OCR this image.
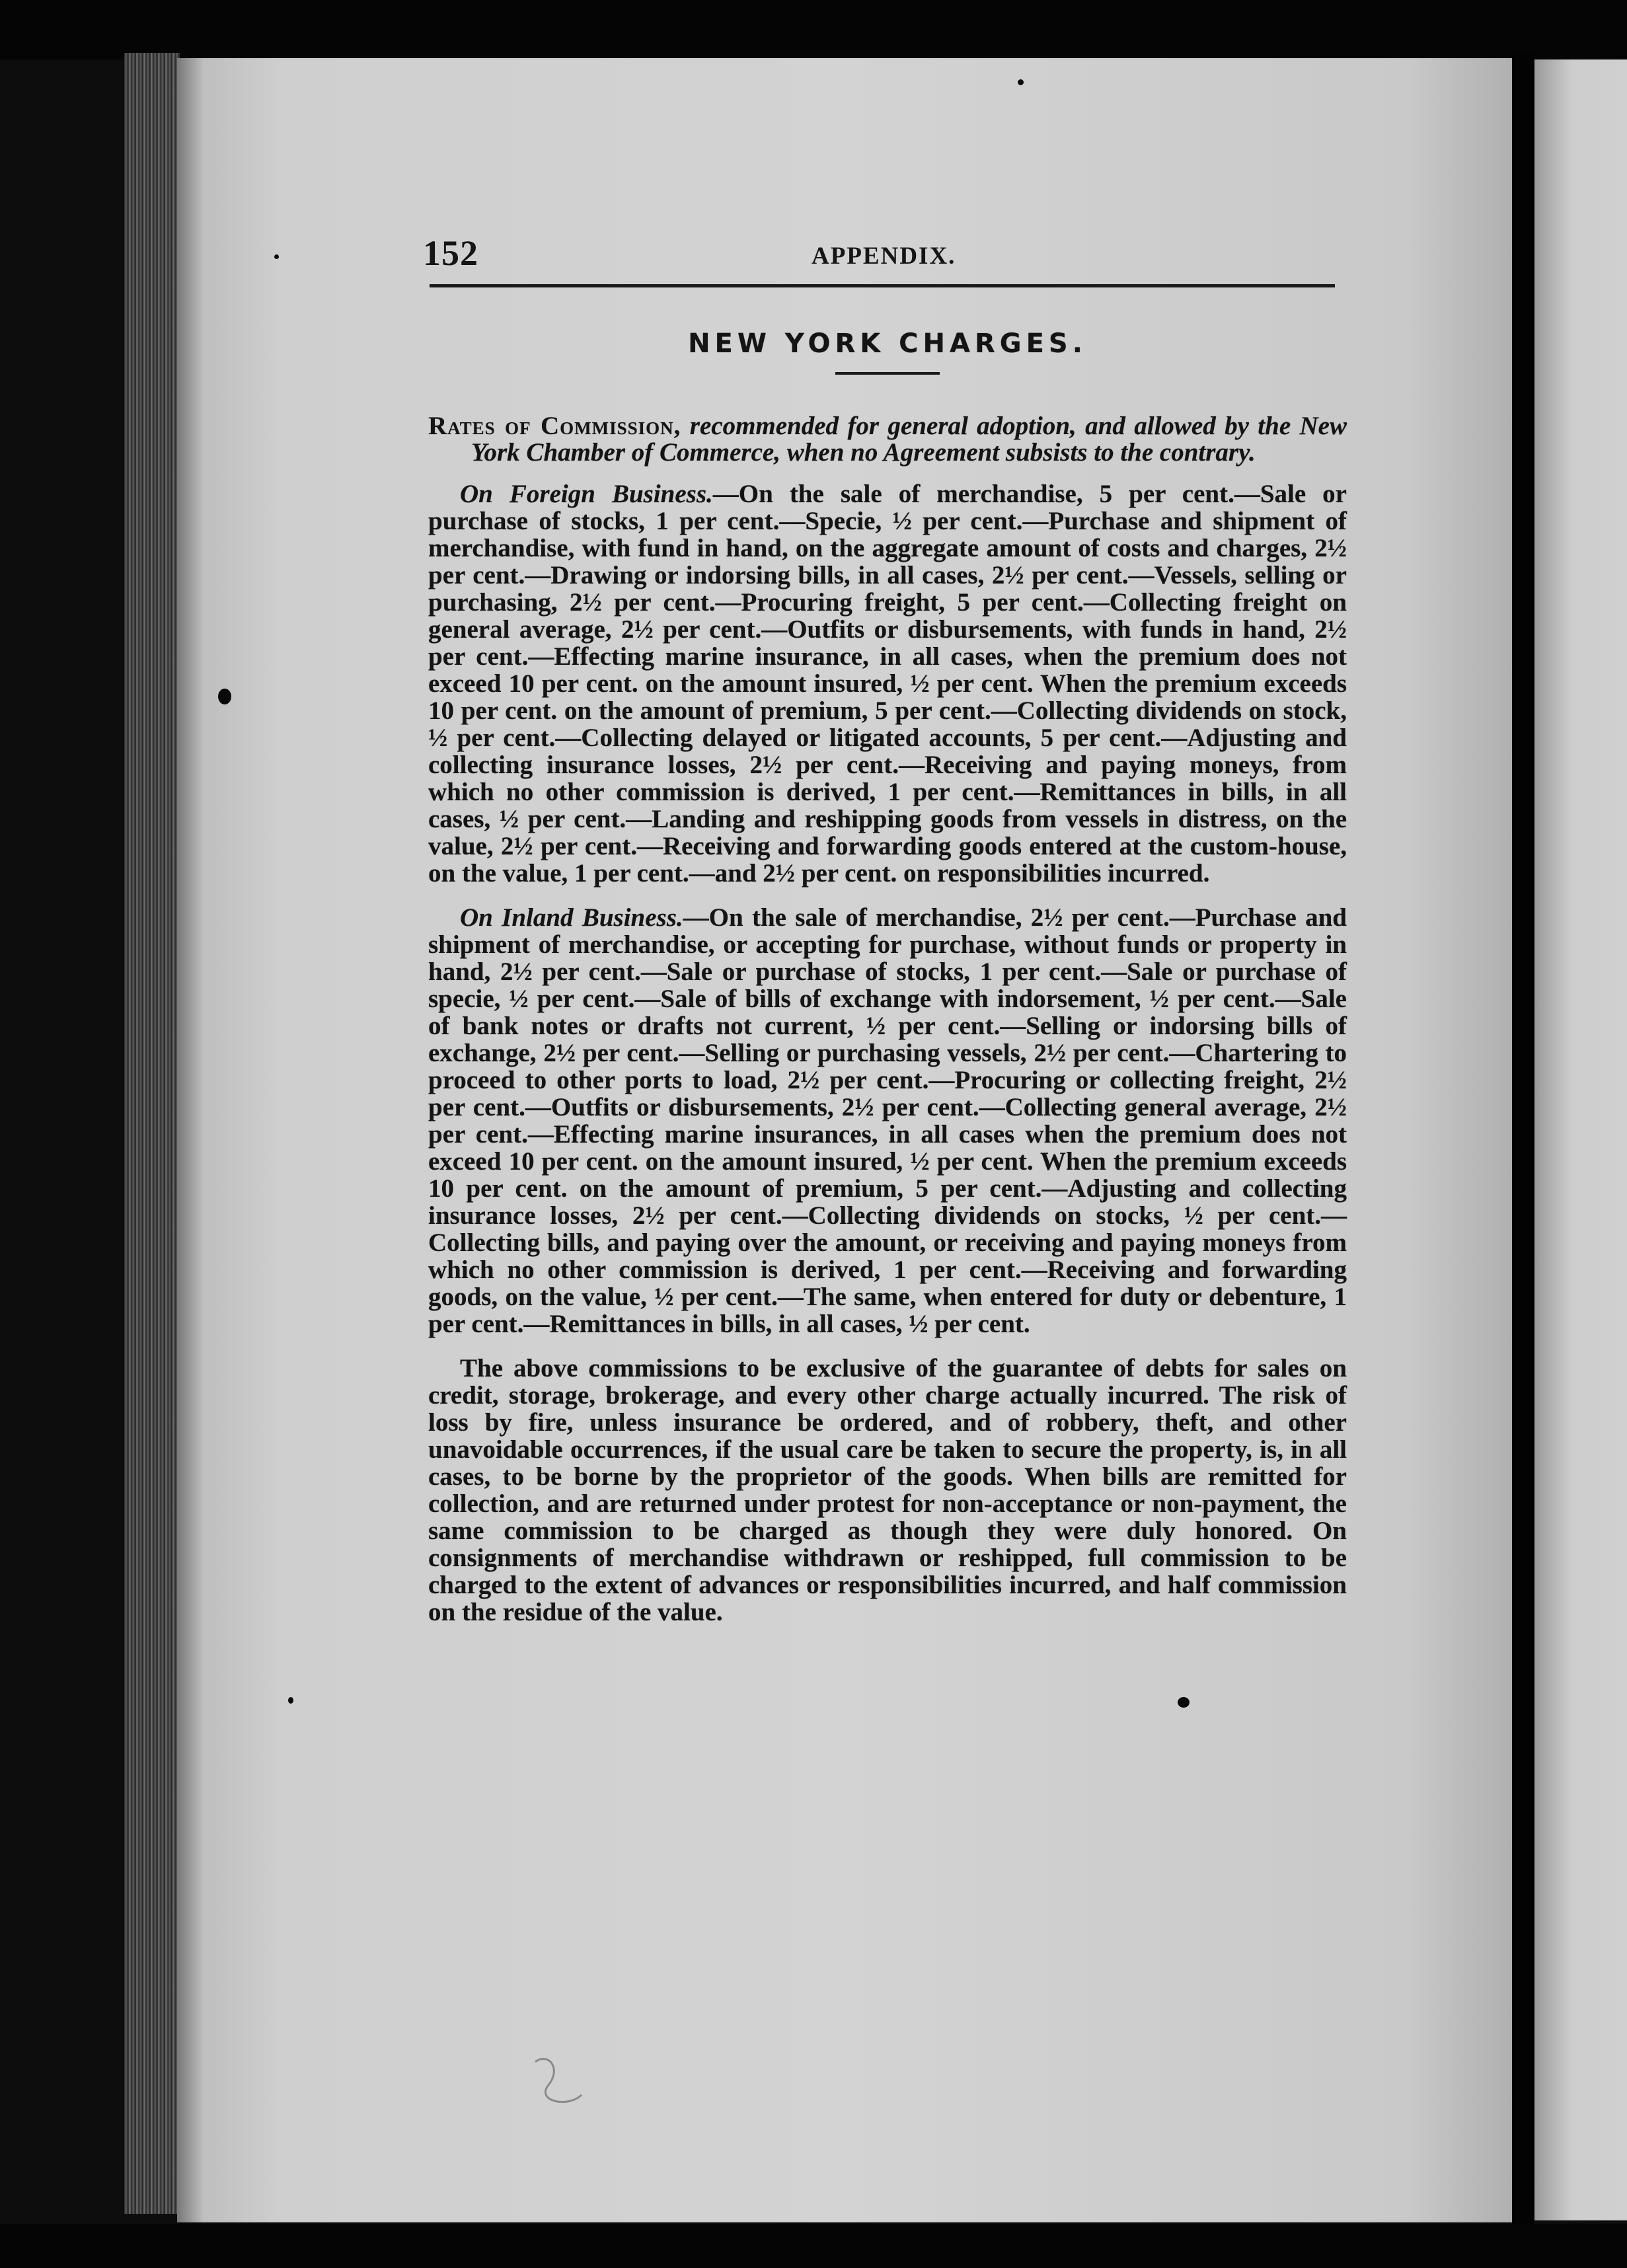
152	APPENDIX.
NEW YORK CHARGES.

Rates of Commission, recommended for general adoption, and allowed by the New York Chamber of Commerce, when no Agreement subsists to the contrary.

On Foreign Business.—On the sale of merchandise, 5 per cent.—Sale or purchase of stocks, 1 per cent.—Specie, ½ per cent.—Purchase and shipment of merchandise, with fund in hand, on the aggregate amount of costs and charges, 2½ per cent.—Drawing or indorsing bills, in all cases, 2½ per cent.—Vessels, selling or purchasing, 2½ per cent.—Procuring freight, 5 per cent.—Collecting freight on general average, 2½ per cent.—Outfits or disbursements, with funds in hand, 2½ per cent.—Effecting marine insurance, in all cases, when the premium does not exceed 10 per cent. on the amount insured, ½ per cent. When the premium exceeds 10 per cent. on the amount of premium, 5 per cent.—Collecting dividends on stock, ½ per cent.—Collecting delayed or litigated accounts, 5 per cent.—Adjusting and collecting insurance losses, 2½ per cent.—Receiving and paying moneys, from which no other commission is derived, 1 per cent.—Remittances in bills, in all cases, ½ per cent.—Landing and reshipping goods from vessels in distress, on the value, 2½ per cent.—Receiving and forwarding goods entered at the custom-house, on the value, 1 per cent.—and 2½ per cent. on responsibilities incurred.

On Inland Business.—On the sale of merchandise, 2½ per cent.—Purchase and shipment of merchandise, or accepting for purchase, without funds or property in hand, 2½ per cent.—Sale or purchase of stocks, 1 per cent.—Sale or purchase of specie, ½ per cent.—Sale of bills of exchange with indorsement, ½ per cent.—Sale of bank notes or drafts not current, ½ per cent.—Selling or indorsing bills of exchange, 2½ per cent.—Selling or purchasing vessels, 2½ per cent.—Chartering to proceed to other ports to load, 2½ per cent.—Procuring or collecting freight, 2½ per cent.—Outfits or disbursements, 2½ per cent.—Collecting general average, 2½ per cent.—Effecting marine insurances, in all cases when the premium does not exceed 10 per cent. on the amount insured, ½ per cent. When the premium exceeds 10 per cent. on the amount of premium, 5 per cent.—Adjusting and collecting insurance losses, 2½ per cent.—Collecting dividends on stocks, ½ per cent.—Collecting bills, and paying over the amount, or receiving and paying moneys from which no other commission is derived, 1 per cent.—Receiving and forwarding goods, on the value, ½ per cent.—The same, when entered for duty or debenture, 1 per cent.—Remittances in bills, in all cases, ½ per cent.

The above commissions to be exclusive of the guarantee of debts for sales on credit, storage, brokerage, and every other charge actually incurred. The risk of loss by fire, unless insurance be ordered, and of robbery, theft, and other unavoidable occurrences, if the usual care be taken to secure the property, is, in all cases, to be borne by the proprietor of the goods. When bills are remitted for collection, and are returned under protest for non-acceptance or non-payment, the same commission to be charged as though they were duly honored. On consignments of merchandise withdrawn or reshipped, full commission to be charged to the extent of advances or responsibilities incurred, and half commission on the residue of the value.
